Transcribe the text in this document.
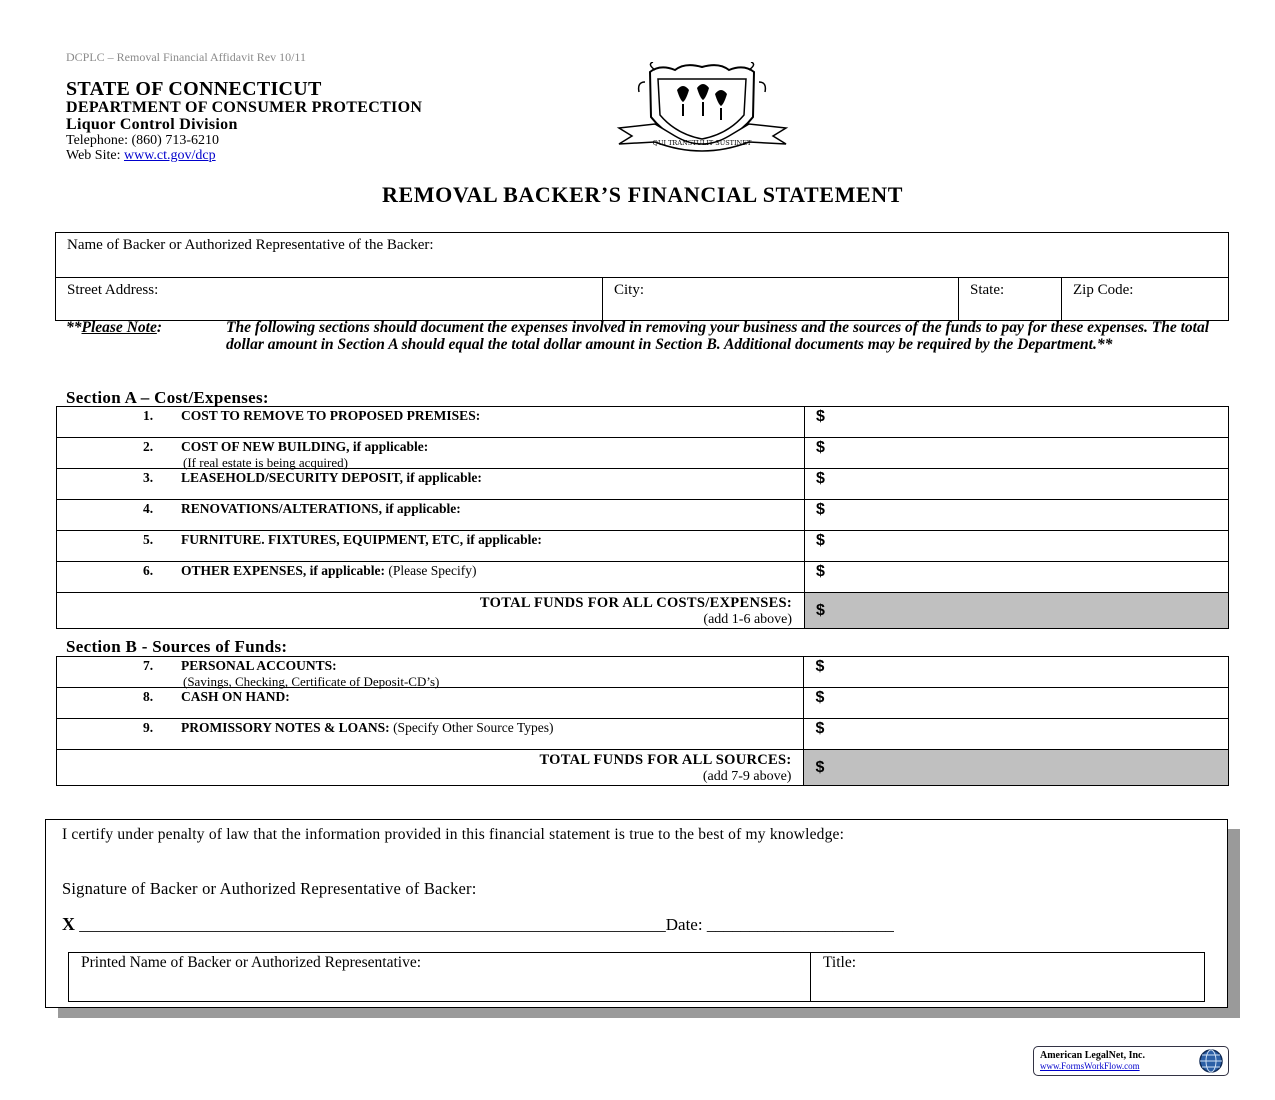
DCPLC – Removal Financial Affidavit Rev 10/11
STATE OF CONNECTICUT
DEPARTMENT OF CONSUMER PROTECTION
Liquor Control Division
Telephone: (860) 713-6210
Web Site: www.ct.gov/dcp
QUI TRANSTULIT SUSTINET
REMOVAL BACKER’S FINANCIAL STATEMENT
Name of Backer or Authorized Representative of the Backer:
Street Address:	City:	State:	Zip Code:
**Please Note:	The following sections should document the expenses involved in removing your business and the sources of the funds to pay for these expenses. The total dollar amount in Section A should equal the total dollar amount in Section B. Additional documents may be required by the Department.**
Section A – Cost/Expenses:
1. COST TO REMOVE TO PROPOSED PREMISES:	$

2. COST OF NEW BUILDING, if applicable:
(If real estate is being acquired)	$

3. LEASEHOLD/SECURITY DEPOSIT, if applicable:	$

4. RENOVATIONS/ALTERATIONS, if applicable:	$

5. FURNITURE. FIXTURES, EQUIPMENT, ETC, if applicable:	$

6. OTHER EXPENSES, if applicable: (Please Specify)	$

TOTAL FUNDS FOR ALL COSTS/EXPENSES:
(add 1-6 above)	$
Section B - Sources of Funds:
7. PERSONAL ACCOUNTS:
(Savings, Checking, Certificate of Deposit-CD’s)	$

8. CASH ON HAND:	$

9. PROMISSORY NOTES & LOANS: (Specify Other Source Types)	$

TOTAL FUNDS FOR ALL SOURCES:
(add 7-9 above)	$
I certify under penalty of law that the information provided in this financial statement is true to the best of my knowledge:
Signature of Backer or Authorized Representative of Backer:
X _____________________________________________________________________Date: ______________________
Printed Name of Backer or Authorized Representative:	Title:
American LegalNet, Inc.
www.FormsWorkFlow.com
